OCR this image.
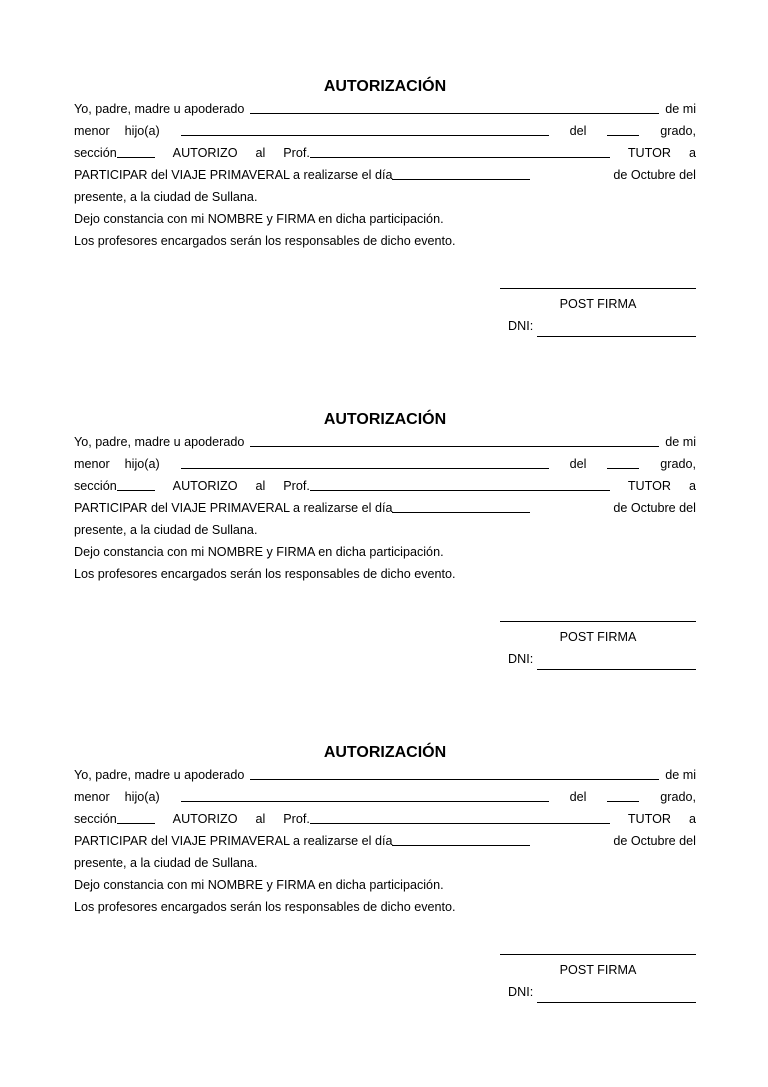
AUTORIZACIÓN
Yo, padre, madre u apoderado	de mi
menor hijo(a)	del	grado,
sección	AUTORIZO al Prof.	TUTOR a
PARTICIPAR del VIAJE PRIMAVERAL a realizarse el día	de Octubre del
presente, a la ciudad de Sullana.
Dejo constancia con mi NOMBRE y FIRMA en dicha participación.
Los profesores encargados serán los responsables de dicho evento.
POST FIRMA
DNI:
AUTORIZACIÓN
Yo, padre, madre u apoderado	de mi
menor hijo(a)	del	grado,
sección	AUTORIZO al Prof.	TUTOR a
PARTICIPAR del VIAJE PRIMAVERAL a realizarse el día	de Octubre del
presente, a la ciudad de Sullana.
Dejo constancia con mi NOMBRE y FIRMA en dicha participación.
Los profesores encargados serán los responsables de dicho evento.
POST FIRMA
DNI:
AUTORIZACIÓN
Yo, padre, madre u apoderado	de mi
menor hijo(a)	del	grado,
sección	AUTORIZO al Prof.	TUTOR a
PARTICIPAR del VIAJE PRIMAVERAL a realizarse el día	de Octubre del
presente, a la ciudad de Sullana.
Dejo constancia con mi NOMBRE y FIRMA en dicha participación.
Los profesores encargados serán los responsables de dicho evento.
POST FIRMA
DNI:
